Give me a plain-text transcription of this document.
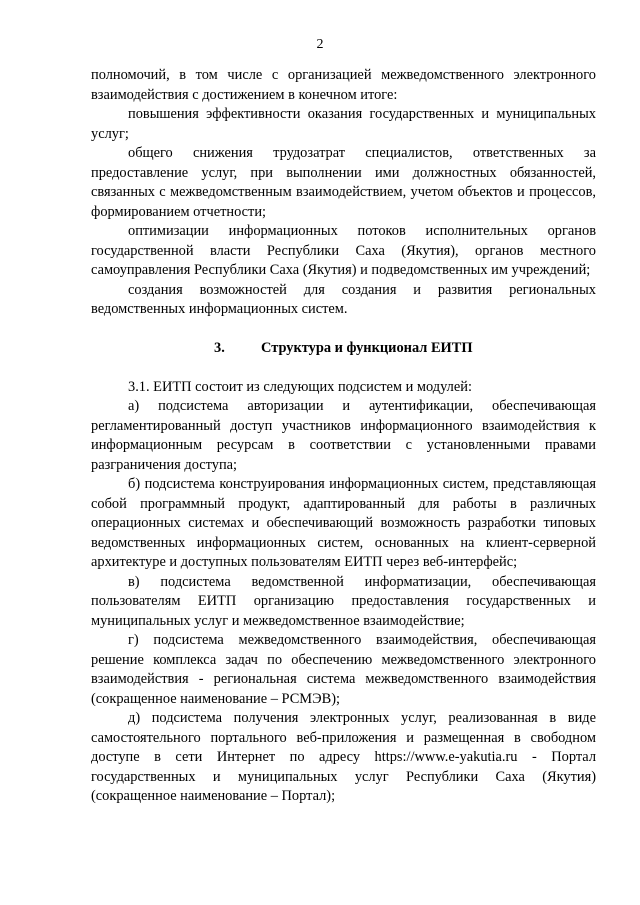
2

полномочий, в том числе с организацией межведомственного электронного взаимодействия с достижением в конечном итоге:

повышения эффективности оказания государственных и муниципальных услуг;

общего снижения трудозатрат специалистов, ответственных за предоставление услуг, при выполнении ими должностных обязанностей, связанных с межведомственным взаимодействием, учетом объектов и процессов, формированием отчетности;

оптимизации информационных потоков исполнительных органов государственной власти Республики Саха (Якутия), органов местного самоуправления Республики Саха (Якутия) и подведомственных им учреждений;

создания возможностей для создания и развития региональных ведомственных информационных систем.

3.	Структура и функционал ЕИТП

3.1. ЕИТП состоит из следующих подсистем и модулей:

а) подсистема авторизации и аутентификации, обеспечивающая регламентированный доступ участников информационного взаимодействия к информационным ресурсам в соответствии с установленными правами разграничения доступа;

б) подсистема конструирования информационных систем, представляющая собой программный продукт, адаптированный для работы в различных операционных системах и обеспечивающий возможность разработки типовых ведомственных информационных систем, основанных на клиент-серверной архитектуре и доступных пользователям ЕИТП через веб-интерфейс;

в) подсистема ведомственной информатизации, обеспечивающая пользователям ЕИТП организацию предоставления государственных и муниципальных услуг и межведомственное взаимодействие;

г) подсистема межведомственного взаимодействия, обеспечивающая решение комплекса задач по обеспечению межведомственного электронного взаимодействия - региональная система межведомственного взаимодействия (сокращенное наименование – РСМЭВ);

д) подсистема получения электронных услуг, реализованная в виде самостоятельного портального веб-приложения и размещенная в свободном доступе в сети Интернет по адресу https://www.e-yakutia.ru - Портал государственных и муниципальных услуг Республики Саха (Якутия) (сокращенное наименование – Портал);
